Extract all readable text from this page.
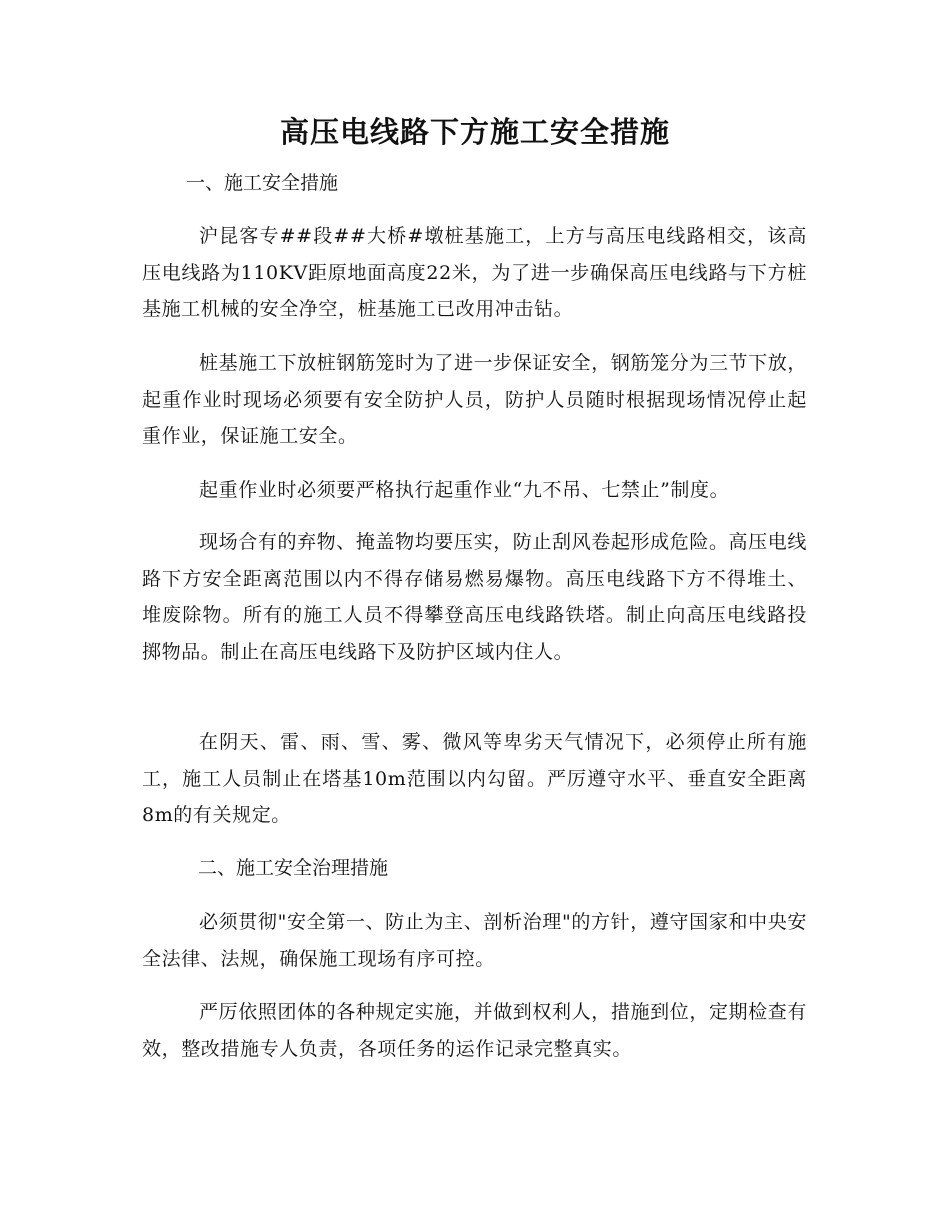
高压电线路下方施工安全措施
一、施工安全措施

沪昆客专##段##大桥#墩桩基施工，上方与高压电线路相交，该高压电线路为110KV距原地面高度22米，为了进一步确保高压电线路与下方桩基施工机械的安全净空，桩基施工已改用冲击钻。

桩基施工下放桩钢筋笼时为了进一步保证安全，钢筋笼分为三节下放，起重作业时现场必须要有安全防护人员，防护人员随时根据现场情况停止起重作业，保证施工安全。

起重作业时必须要严格执行起重作业“九不吊、七禁止”制度。

现场合有的弃物、掩盖物均要压实，防止刮风卷起形成危险。高压电线路下方安全距离范围以内不得存储易燃易爆物。高压电线路下方不得堆土、堆废除物。所有的施工人员不得攀登高压电线路铁塔。制止向高压电线路投掷物品。制止在高压电线路下及防护区域内住人。

在阴天、雷、雨、雪、雾、微风等卑劣天气情况下，必须停止所有施工，施工人员制止在塔基10m范围以内勾留。严厉遵守水平、垂直安全距离8m的有关规定。

二、施工安全治理措施

必须贯彻"安全第一、防止为主、剖析治理"的方针，遵守国家和中央安全法律、法规，确保施工现场有序可控。

严厉依照团体的各种规定实施，并做到权利人，措施到位，定期检查有效，整改措施专人负责，各项任务的运作记录完整真实。
